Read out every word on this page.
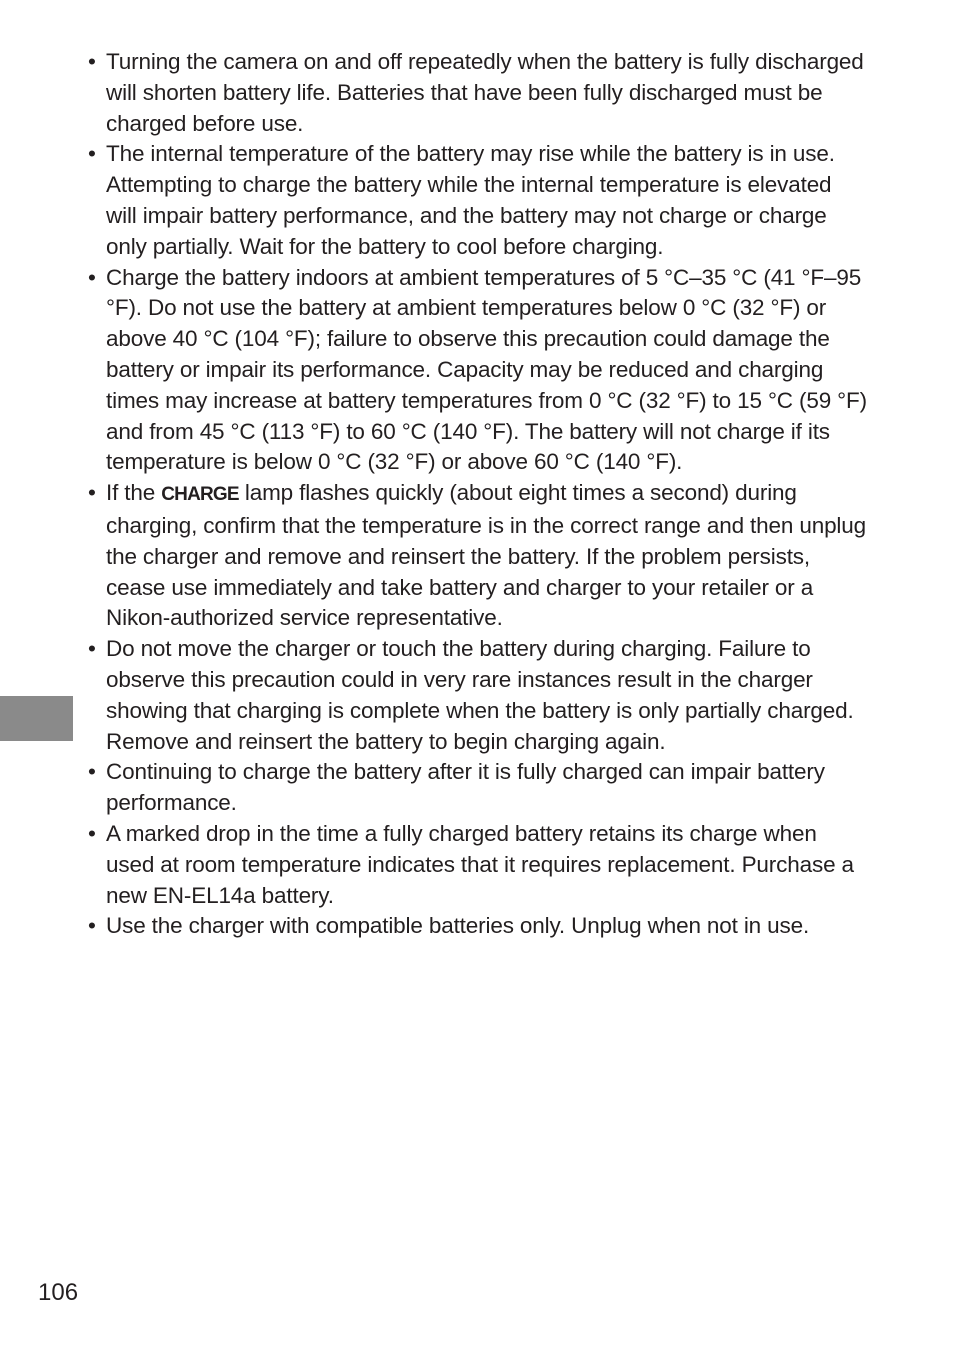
• Turning the camera on and off repeatedly when the battery is fully discharged will shorten battery life. Batteries that have been fully discharged must be charged before use.

• The internal temperature of the battery may rise while the battery is in use. Attempting to charge the battery while the internal temperature is elevated will impair battery performance, and the battery may not charge or charge only partially. Wait for the battery to cool before charging.

• Charge the battery indoors at ambient temperatures of 5 °C–35 °C (41 °F–95 °F). Do not use the battery at ambient temperatures below 0 °C (32 °F) or above 40 °C (104 °F); failure to observe this precaution could damage the battery or impair its performance. Capacity may be reduced and charging times may increase at battery temperatures from 0 °C (32 °F) to 15 °C (59 °F) and from 45 °C (113 °F) to 60 °C (140 °F). The battery will not charge if its temperature is below 0 °C (32 °F) or above 60 °C (140 °F).

• If the CHARGE lamp flashes quickly (about eight times a second) during charging, confirm that the temperature is in the correct range and then unplug the charger and remove and reinsert the battery. If the problem persists, cease use immediately and take battery and charger to your retailer or a Nikon-authorized service representative.

• Do not move the charger or touch the battery during charging. Failure to observe this precaution could in very rare instances result in the charger showing that charging is complete when the battery is only partially charged. Remove and reinsert the battery to begin charging again.

• Continuing to charge the battery after it is fully charged can impair battery performance.

• A marked drop in the time a fully charged battery retains its charge when used at room temperature indicates that it requires replacement. Purchase a new EN-EL14a battery.

• Use the charger with compatible batteries only. Unplug when not in use.

106
